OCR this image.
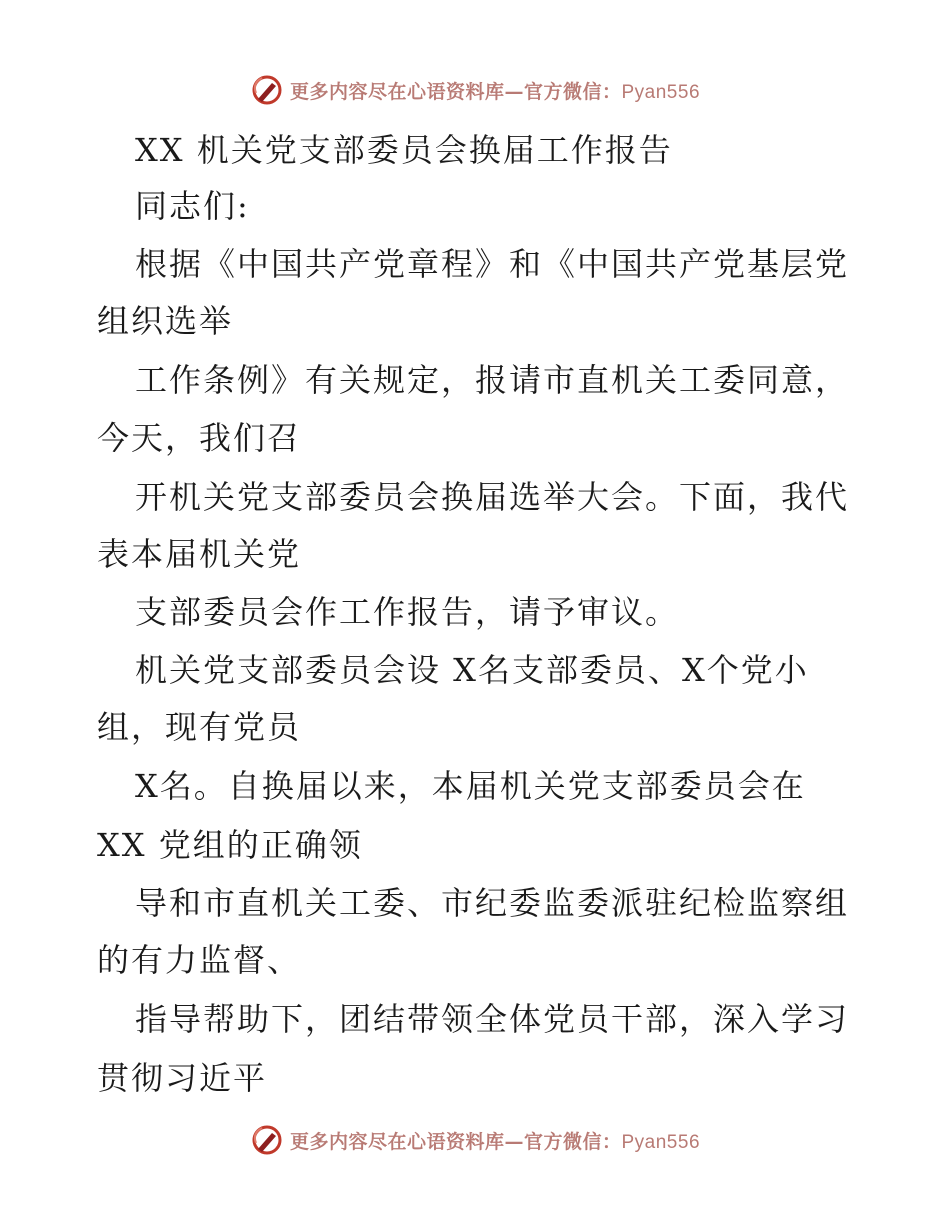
更多内容尽在心语资料库—官方微信：Pyan556
XX 机关党支部委员会换届工作报告
同志们:
根据《中国共产党章程》和《中国共产党基层党
组织选举
工作条例》有关规定，报请市直机关工委同意，
今天，我们召
开机关党支部委员会换届选举大会。下面，我代
表本届机关党
支部委员会作工作报告，请予审议。
机关党支部委员会设 X名支部委员、X个党小
组，现有党员
X名。自换届以来，本届机关党支部委员会在
XX 党组的正确领
导和市直机关工委、市纪委监委派驻纪检监察组
的有力监督、
指导帮助下，团结带领全体党员干部，深入学习
贯彻习近平
更多内容尽在心语资料库—官方微信：Pyan556
